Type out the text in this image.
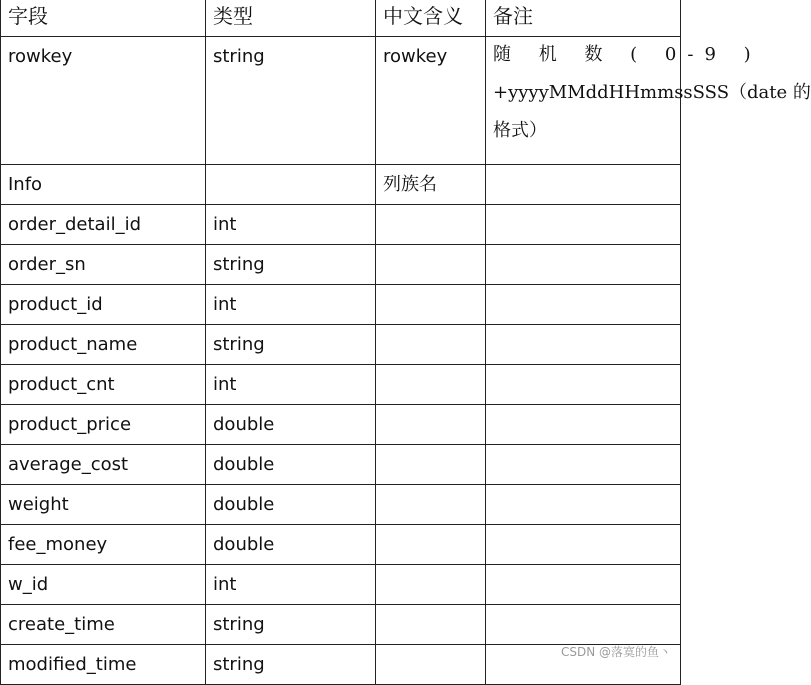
字段	类型	中文含义	备注
rowkey	string	rowkey	随 机 数 ( 0-9 )
+yyyyMMddHHmmssSSS（date 的
格式）

Info		列族名	
order_detail_id	int		
order_sn	string		
product_id	int		
product_name	string		
product_cnt	int		
product_price	double		
average_cost	double		
weight	double		
fee_money	double		
w_id	int		
create_time	string		
modified_time	string		
CSDN @落寞的鱼丶
